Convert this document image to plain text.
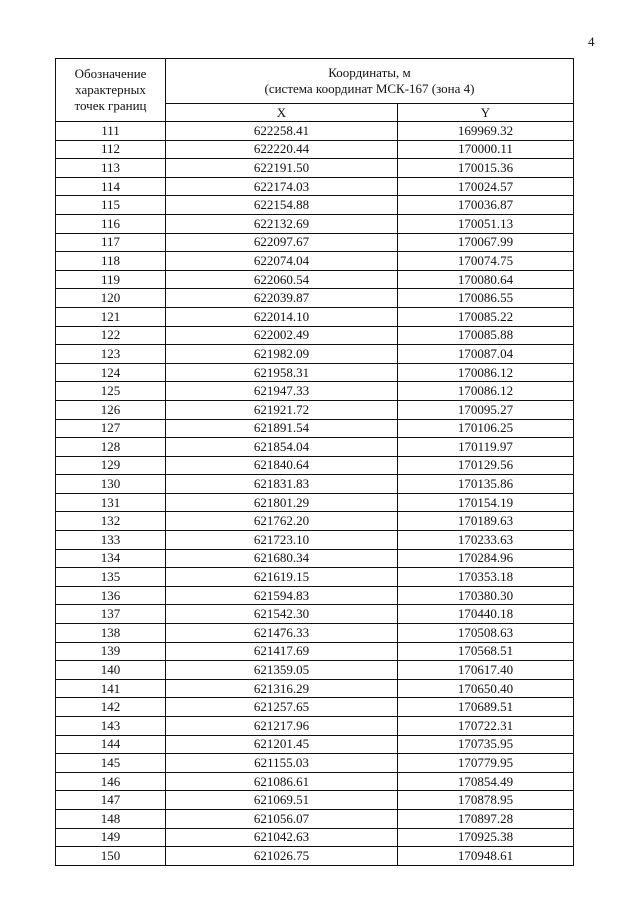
4
Обозначение
характерных
точек границ	Координаты, м
(система координат МСК-167 (зона 4)	

	X	Y
111	622258.41	169969.32
112	622220.44	170000.11
113	622191.50	170015.36
114	622174.03	170024.57
115	622154.88	170036.87
116	622132.69	170051.13
117	622097.67	170067.99
118	622074.04	170074.75
119	622060.54	170080.64
120	622039.87	170086.55
121	622014.10	170085.22
122	622002.49	170085.88
123	621982.09	170087.04
124	621958.31	170086.12
125	621947.33	170086.12
126	621921.72	170095.27
127	621891.54	170106.25
128	621854.04	170119.97
129	621840.64	170129.56
130	621831.83	170135.86
131	621801.29	170154.19
132	621762.20	170189.63
133	621723.10	170233.63
134	621680.34	170284.96
135	621619.15	170353.18
136	621594.83	170380.30
137	621542.30	170440.18
138	621476.33	170508.63
139	621417.69	170568.51
140	621359.05	170617.40
141	621316.29	170650.40
142	621257.65	170689.51
143	621217.96	170722.31
144	621201.45	170735.95
145	621155.03	170779.95
146	621086.61	170854.49
147	621069.51	170878.95
148	621056.07	170897.28
149	621042.63	170925.38
150	621026.75	170948.61
